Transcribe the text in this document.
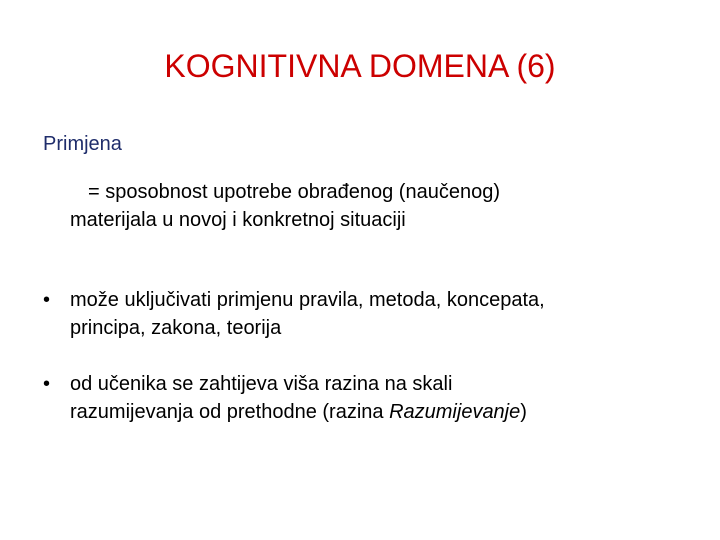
KOGNITIVNA DOMENA (6)
Primjena
= sposobnost upotrebe obrađenog (naučenog)
materijala u novoj i konkretnoj situaciji
• može uključivati primjenu pravila, metoda, koncepata,
principa, zakona, teorija
• od učenika se zahtijeva viša razina na skali
razumijevanja od prethodne (razina Razumijevanje)
